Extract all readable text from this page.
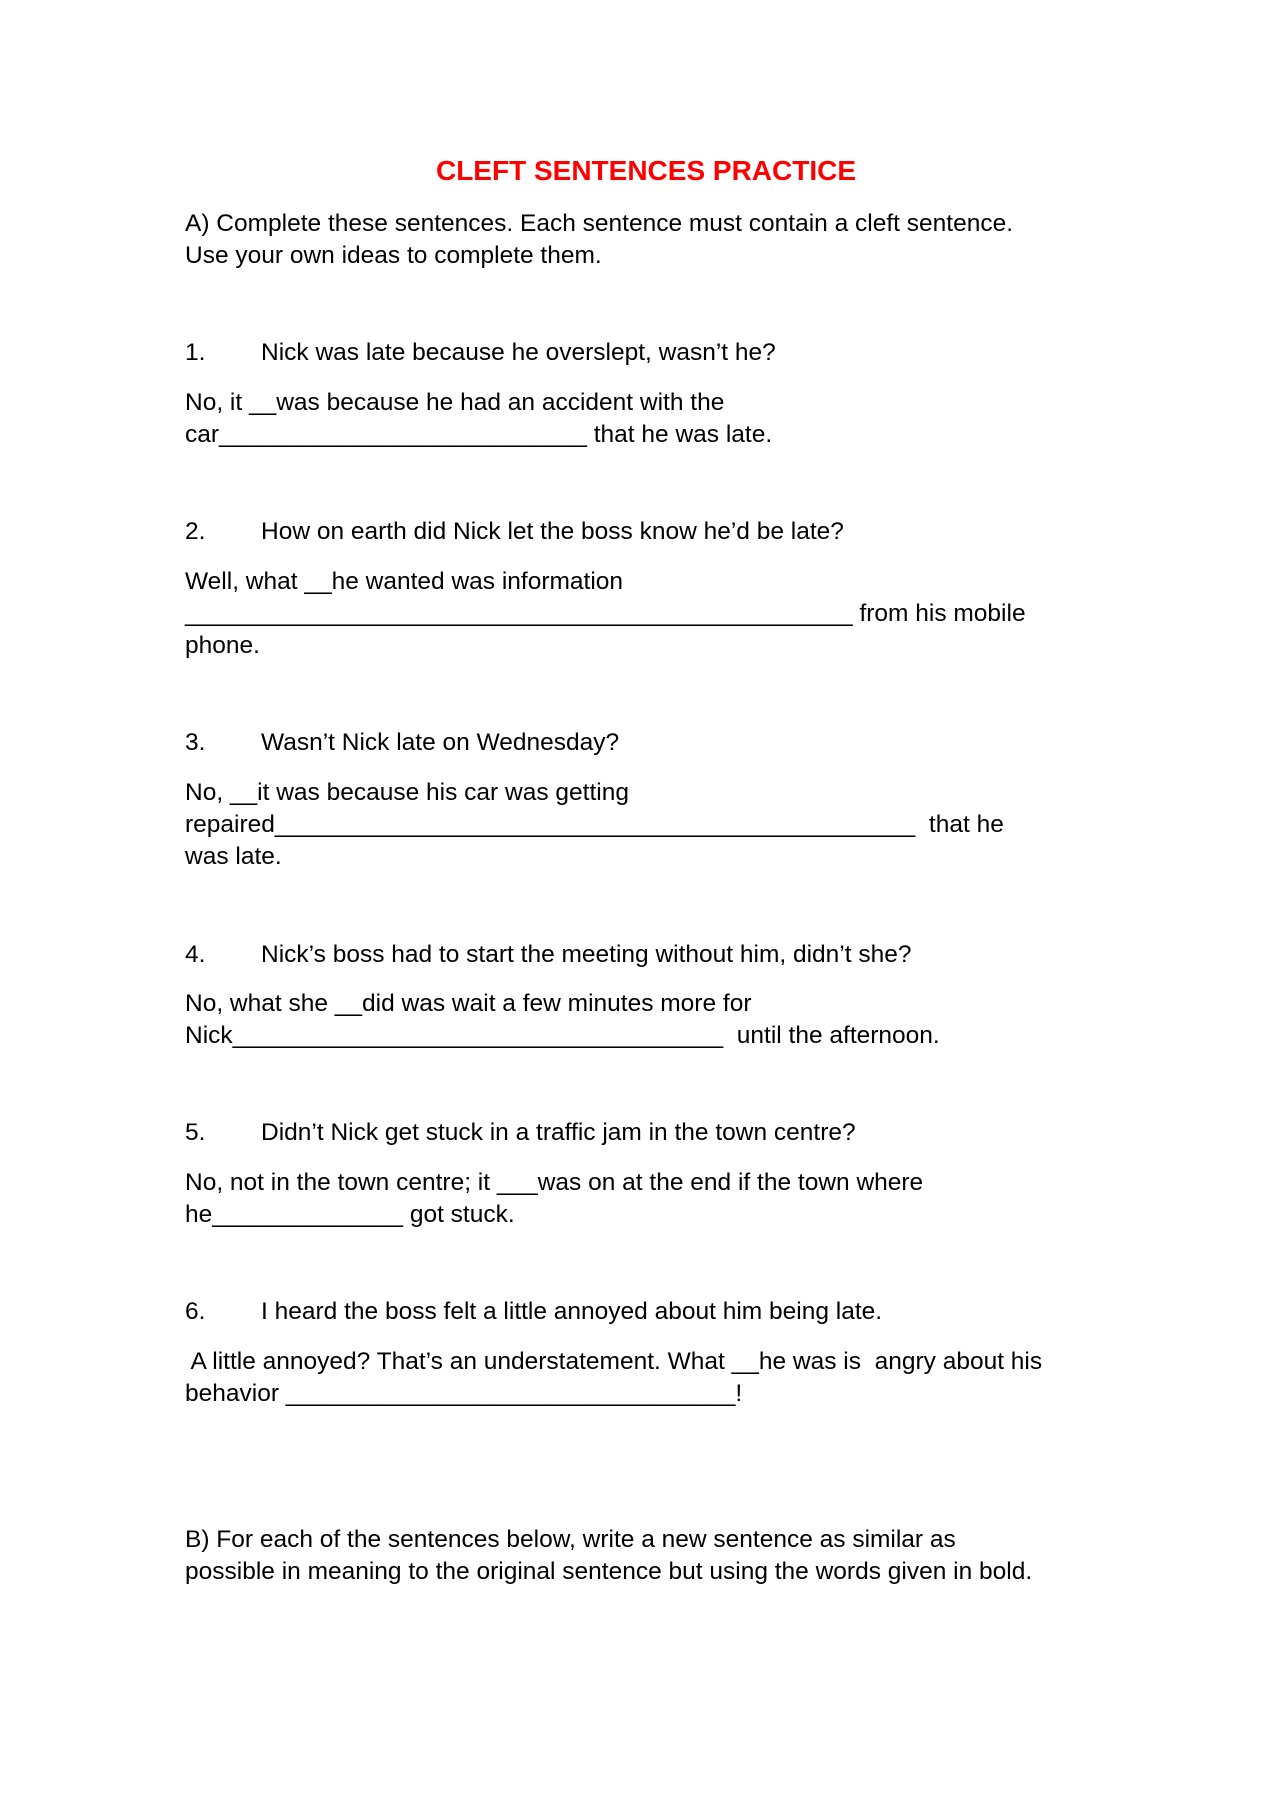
CLEFT SENTENCES PRACTICE
A) Complete these sentences. Each sentence must contain a cleft sentence.
Use your own ideas to complete them.
1. Nick was late because he overslept, wasn’t he?
No, it __was because he had an accident with the
car___________________________ that he was late.
2. How on earth did Nick let the boss know he’d be late?
Well, what __he wanted was information
_________________________________________________ from his mobile
phone.
3. Wasn’t Nick late on Wednesday?
No, __it was because his car was getting
repaired_______________________________________________  that he
was late.
4. Nick’s boss had to start the meeting without him, didn’t she?
No, what she __did was wait a few minutes more for
Nick____________________________________  until the afternoon.
5. Didn’t Nick get stuck in a traffic jam in the town centre?
No, not in the town centre; it ___was on at the end if the town where
he______________ got stuck.
6. I heard the boss felt a little annoyed about him being late.
A little annoyed? That’s an understatement. What __he was is  angry about his
behavior _________________________________!
B) For each of the sentences below, write a new sentence as similar as
possible in meaning to the original sentence but using the words given in bold.
